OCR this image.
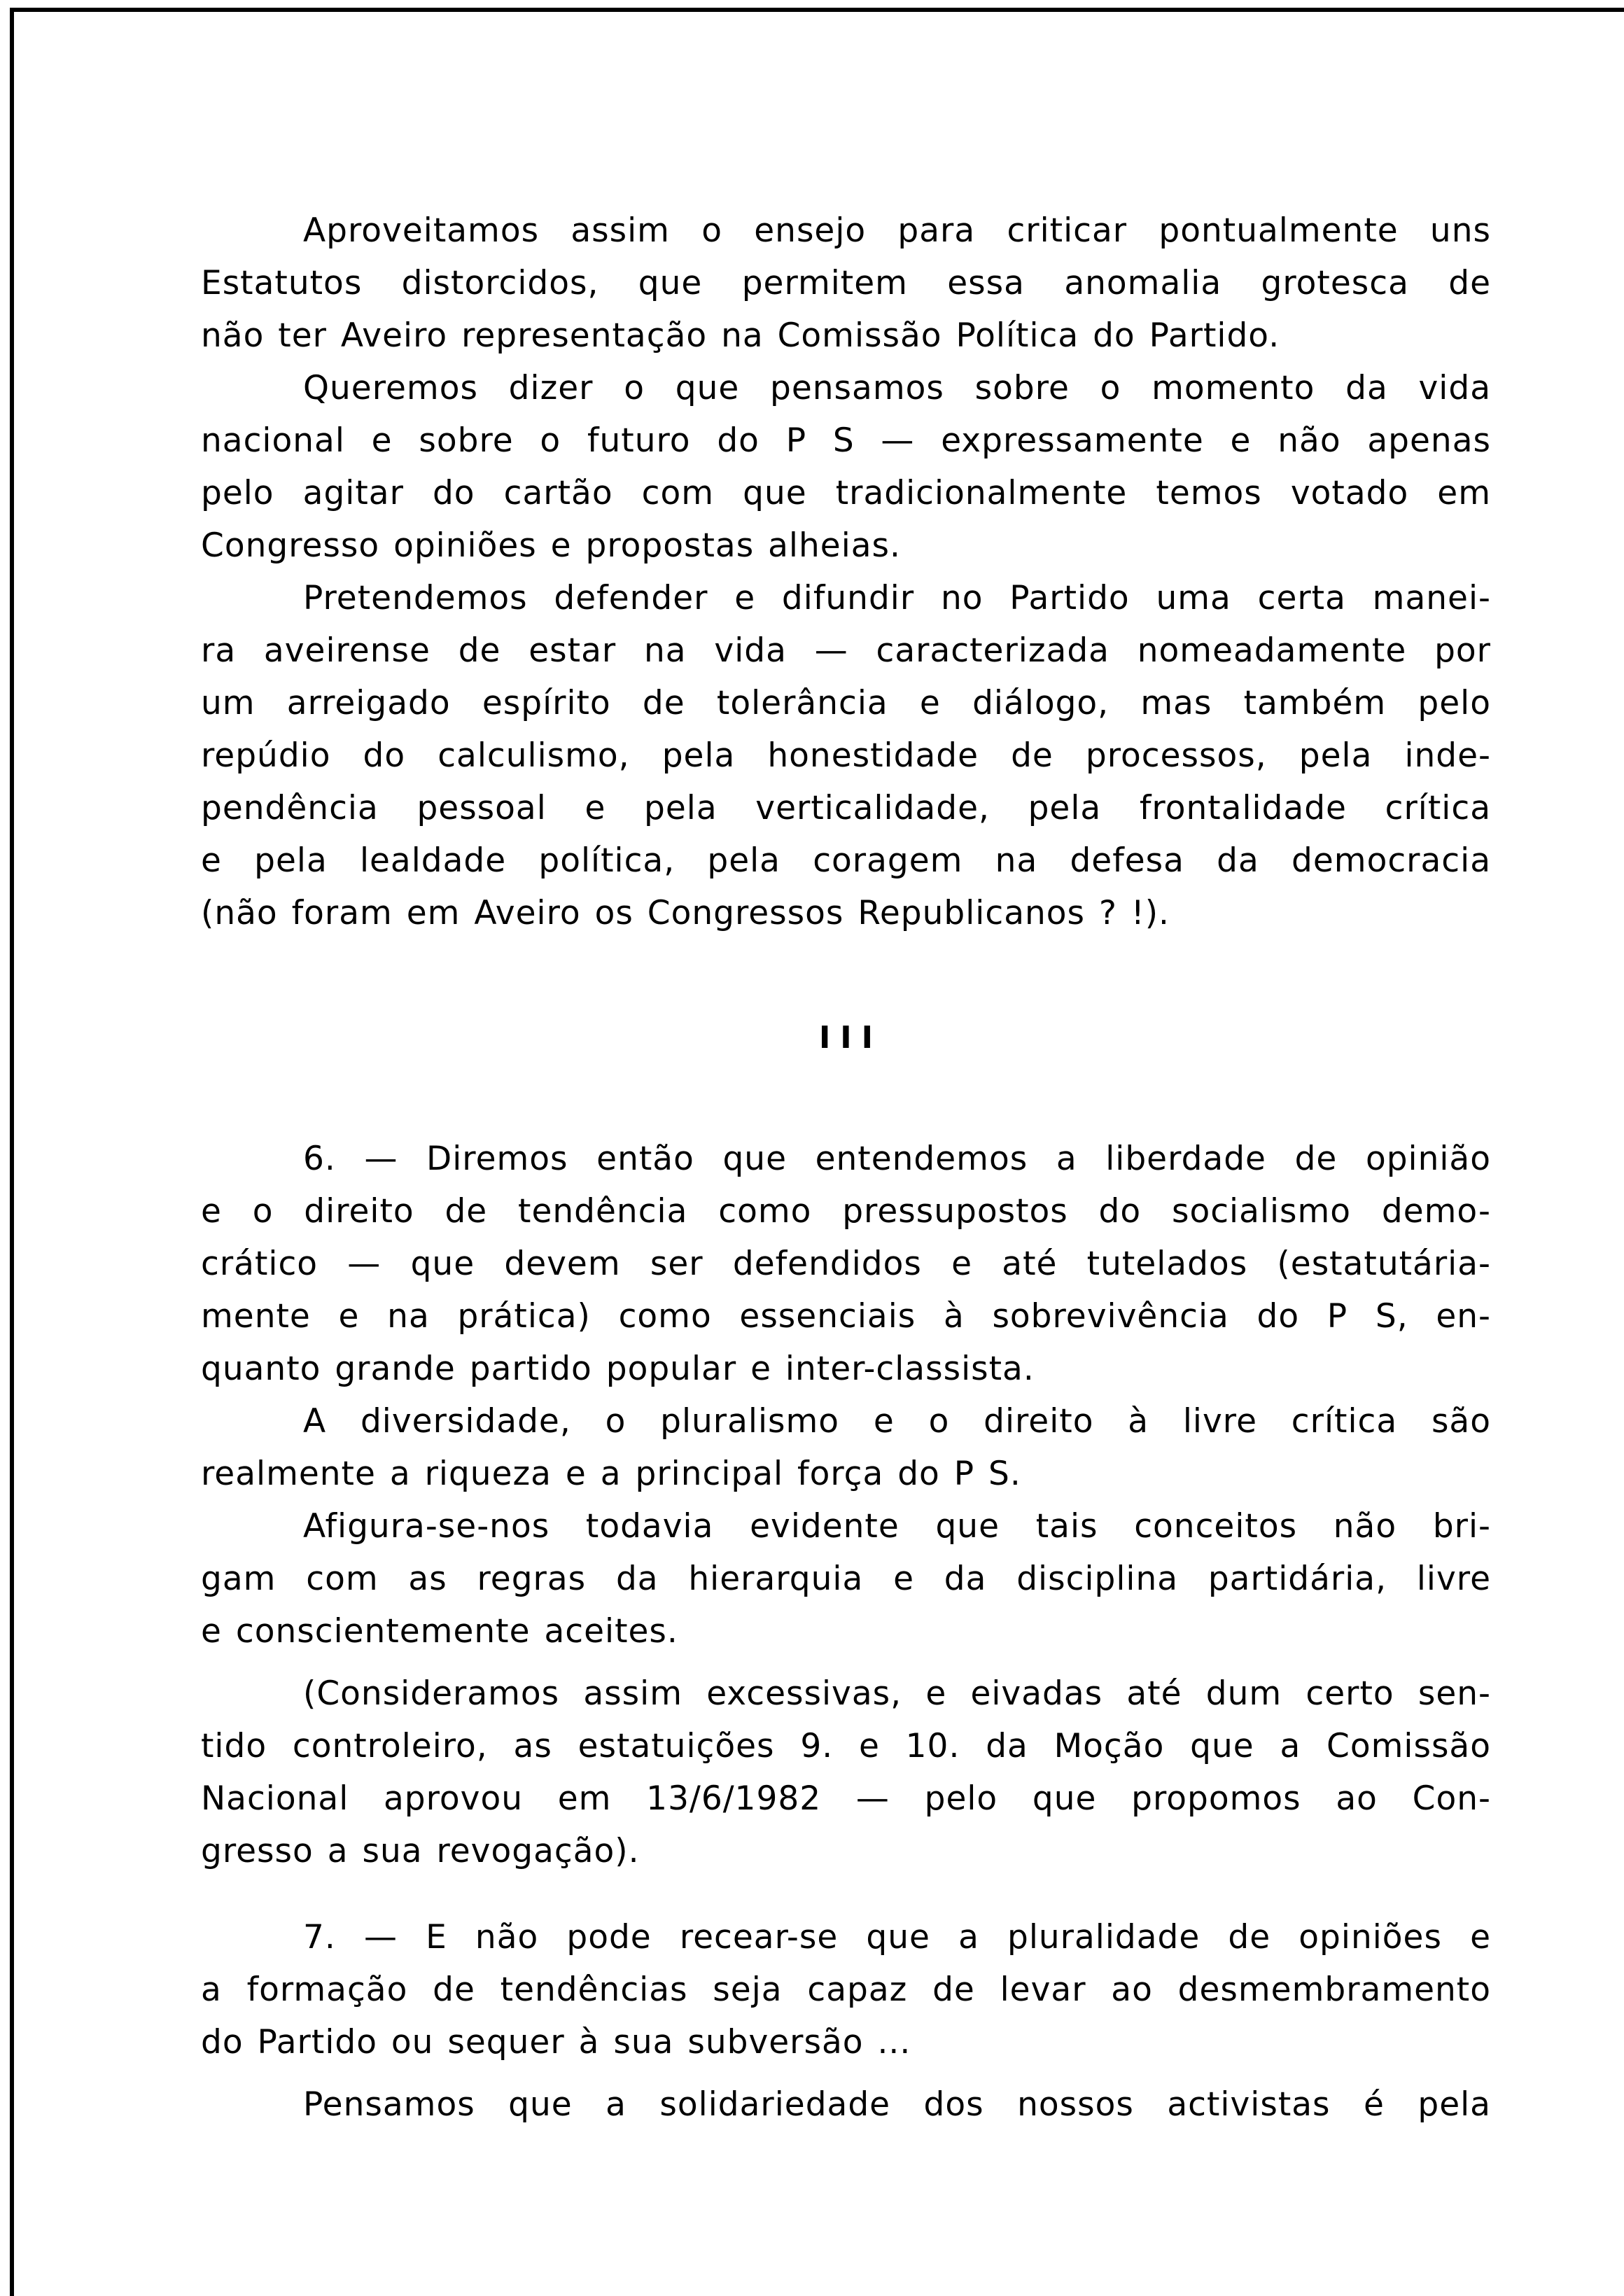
Aproveitamos assim o ensejo para criticar pontualmente uns
Estatutos distorcidos, que permitem essa anomalia grotesca de
não ter Aveiro representação na Comissão Política do Partido.

Queremos dizer o que pensamos sobre o momento da vida
nacional e sobre o futuro do P S — expressamente e não apenas
pelo agitar do cartão com que tradicionalmente temos votado em
Congresso opiniões e propostas alheias.

Pretendemos defender e difundir no Partido uma certa manei-
ra aveirense de estar na vida — caracterizada nomeadamente por
um arreigado espírito de tolerância e diálogo, mas também pelo
repúdio do calculismo, pela honestidade de processos, pela inde-
pendência pessoal e pela verticalidade, pela frontalidade crítica
e pela lealdade política, pela coragem na defesa da democracia
(não foram em Aveiro os Congressos Republicanos ? !).

III

6. — Diremos então que entendemos a liberdade de opinião
e o direito de tendência como pressupostos do socialismo demo-
crático — que devem ser defendidos e até tutelados (estatutária-
mente e na prática) como essenciais à sobrevivência do P S, en-
quanto grande partido popular e inter-classista.

A diversidade, o pluralismo e o direito à livre crítica são
realmente a riqueza e a principal força do P S.

Afigura-se-nos todavia evidente que tais conceitos não bri-
gam com as regras da hierarquia e da disciplina partidária, livre
e conscientemente aceites.

(Consideramos assim excessivas, e eivadas até dum certo sen-
tido controleiro, as estatuições 9. e 10. da Moção que a Comissão
Nacional aprovou em 13/6/1982 — pelo que propomos ao Con-
gresso a sua revogação).

7. — E não pode recear-se que a pluralidade de opiniões e
a formação de tendências seja capaz de levar ao desmembramento
do Partido ou sequer à sua subversão ...

Pensamos que a solidariedade dos nossos activistas é pela
